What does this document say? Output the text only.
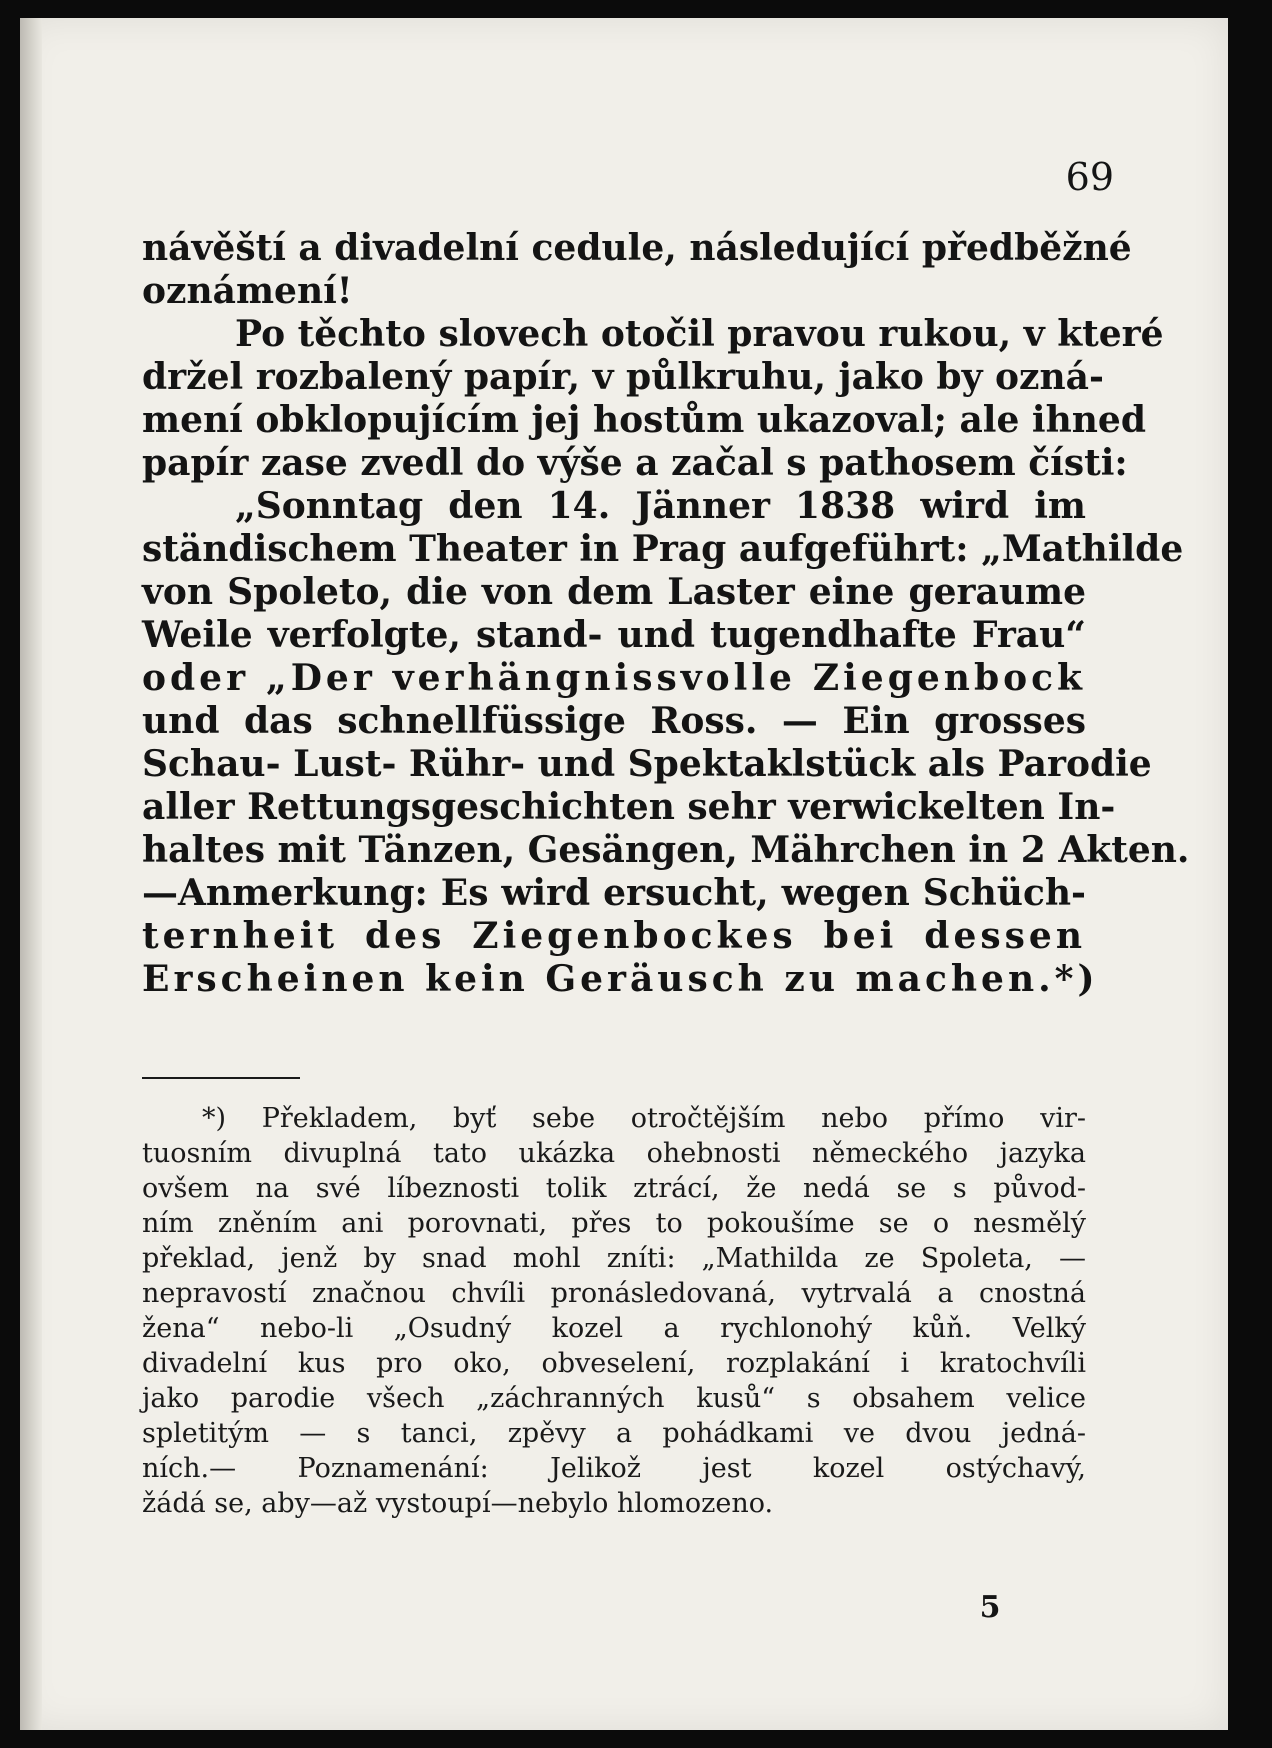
69
návěští a divadelní cedule, následující předběžné
oznámení!
Po těchto slovech otočil pravou rukou, v které
držel rozbalený papír, v půlkruhu, jako by ozná-
mení obklopujícím jej hostům ukazoval; ale ihned
papír zase zvedl do výše a začal s pathosem čísti:
„Sonntag den 14. Jänner 1838 wird im
ständischem Theater in Prag aufgeführt: „Mathilde
von Spoleto, die von dem Laster eine geraume
Weile verfolgte, stand- und tugendhafte Frau“
oder „Der verhängnissvolle Ziegenbock
und das schnellfüssige Ross. — Ein grosses
Schau- Lust- Rühr- und Spektaklstück als Parodie
aller Rettungsgeschichten sehr verwickelten In-
haltes mit Tänzen, Gesängen, Mährchen in 2 Akten.
—Anmerkung: Es wird ersucht, wegen Schüch-
ternheit des Ziegenbockes bei dessen
Erscheinen kein Geräusch zu machen.*)
*) Překladem, byť sebe otročtějším nebo přímo vir-
tuosním divuplná tato ukázka ohebnosti německého jazyka
ovšem na své líbeznosti tolik ztrácí, že nedá se s původ-
ním zněním ani porovnati, přes to pokoušíme se o nesmělý
překlad, jenž by snad mohl zníti: „Mathilda ze Spoleta, —
nepravostí značnou chvíli pronásledovaná, vytrvalá a cnostná
žena“ nebo-li „Osudný kozel a rychlonohý kůň. Velký
divadelní kus pro oko, obveselení, rozplakání i kratochvíli
jako parodie všech „záchranných kusů“ s obsahem velice
spletitým — s tanci, zpěvy a pohádkami ve dvou jedná-
ních.— Poznamenání: Jelikož jest kozel ostýchavý,
žádá se, aby—až vystoupí—nebylo hlomozeno.
5
